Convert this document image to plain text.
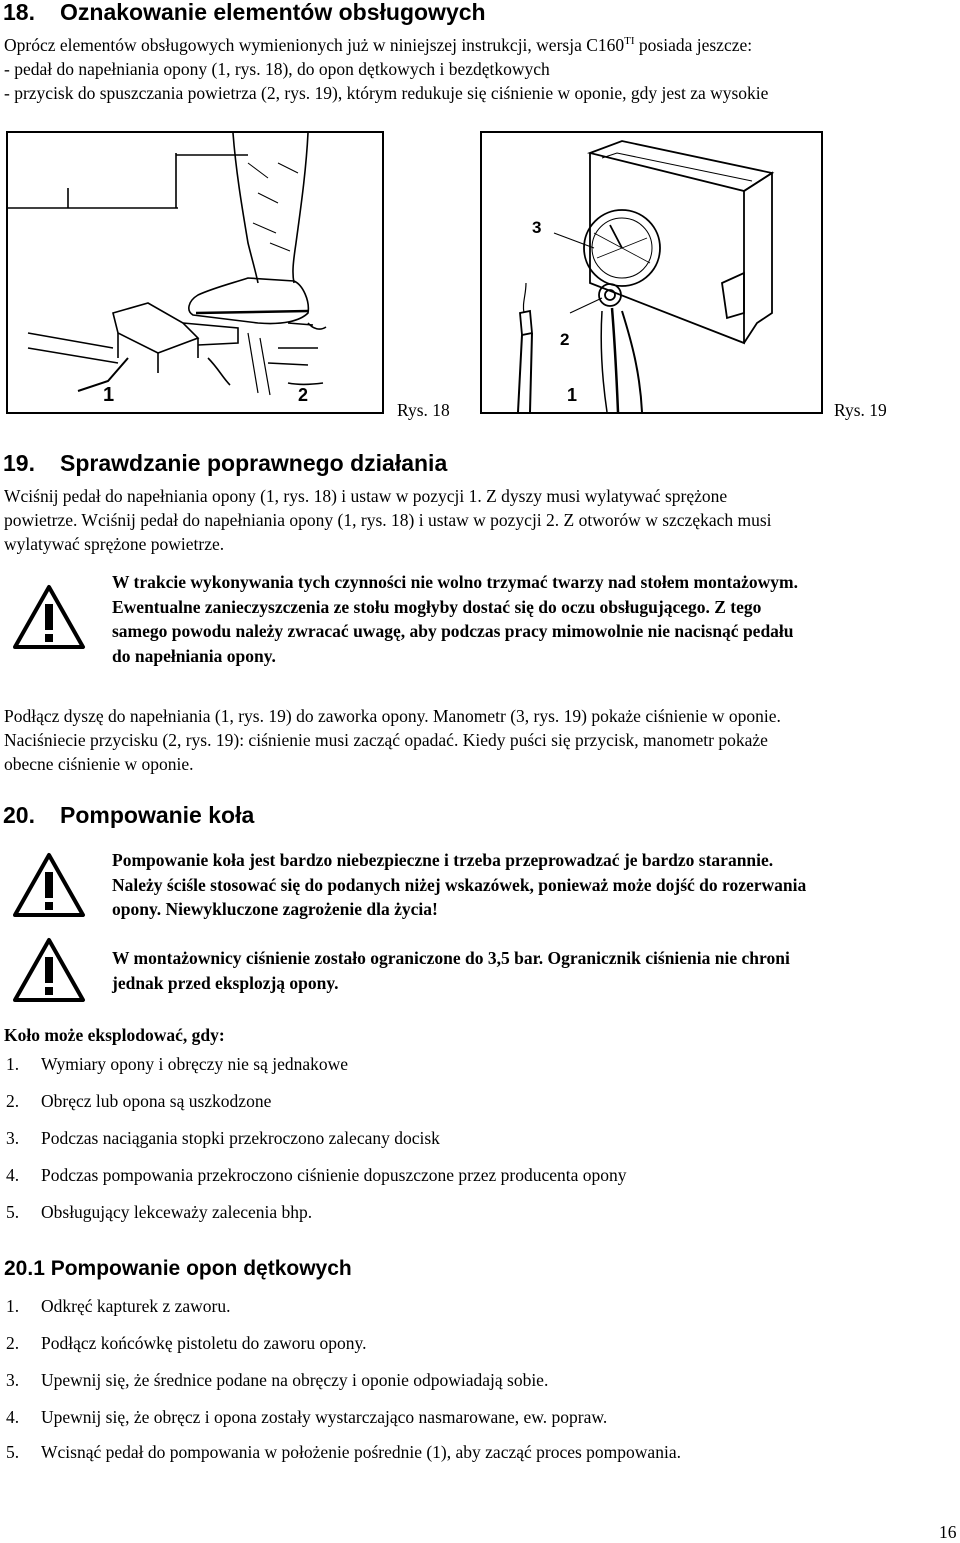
18. Oznakowanie elementów obsługowych
Oprócz elementów obsługowych wymienionych już w niniejszej instrukcji, wersja $C160^{TI}$ posiada jeszcze:
- pedał do napełniania opony (1, rys. 18), do opon dętkowych i bezdętkowych
- przycisk do spuszczania powietrza (2, rys. 19), którym redukuje się ciśnienie w oponie, gdy jest za wysokie
1	2
Rys. 18
3
2
1
Rys. 19
19. Sprawdzanie poprawnego działania
Wciśnij pedał do napełniania opony (1, rys. 18) i ustaw w pozycji 1. Z dyszy musi wylatywać sprężone
powietrze. Wciśnij pedał do napełniania opony (1, rys. 18) i ustaw w pozycji 2. Z otworów w szczękach musi
wylatywać sprężone powietrze.
W trakcie wykonywania tych czynności nie wolno trzymać twarzy nad stołem montażowym.
Ewentualne zanieczyszczenia ze stołu mogłyby dostać się do oczu obsługującego. Z tego
samego powodu należy zwracać uwagę, aby podczas pracy mimowolnie nie nacisnąć pedału
do napełniania opony.
Podłącz dyszę do napełniania (1, rys. 19) do zaworka opony. Manometr (3, rys. 19) pokaże ciśnienie w oponie.
Naciśniecie przycisku (2, rys. 19): ciśnienie musi zacząć opadać. Kiedy puści się przycisk, manometr pokaże
obecne ciśnienie w oponie.
20. Pompowanie koła
Pompowanie koła jest bardzo niebezpieczne i trzeba przeprowadzać je bardzo starannie.
Należy ściśle stosować się do podanych niżej wskazówek, ponieważ może dojść do rozerwania
opony. Niewykluczone zagrożenie dla życia!
W montażownicy ciśnienie zostało ograniczone do 3,5 bar. Ogranicznik ciśnienia nie chroni
jednak przed eksplozją opony.
Koło może eksplodować, gdy:
1. Wymiary opony i obręczy nie są jednakowe
2. Obręcz lub opona są uszkodzone
3. Podczas naciągania stopki przekroczono zalecany docisk
4. Podczas pompowania przekroczono ciśnienie dopuszczone przez producenta opony
5. Obsługujący lekceważy zalecenia bhp.
20.1 Pompowanie opon dętkowych
1. Odkręć kapturek z zaworu.
2. Podłącz końcówkę pistoletu do zaworu opony.
3. Upewnij się, że średnice podane na obręczy i oponie odpowiadają sobie.
4. Upewnij się, że obręcz i opona zostały wystarczająco nasmarowane, ew. popraw.
5. Wcisnąć pedał do pompowania w położenie pośrednie (1), aby zacząć proces pompowania.
16
